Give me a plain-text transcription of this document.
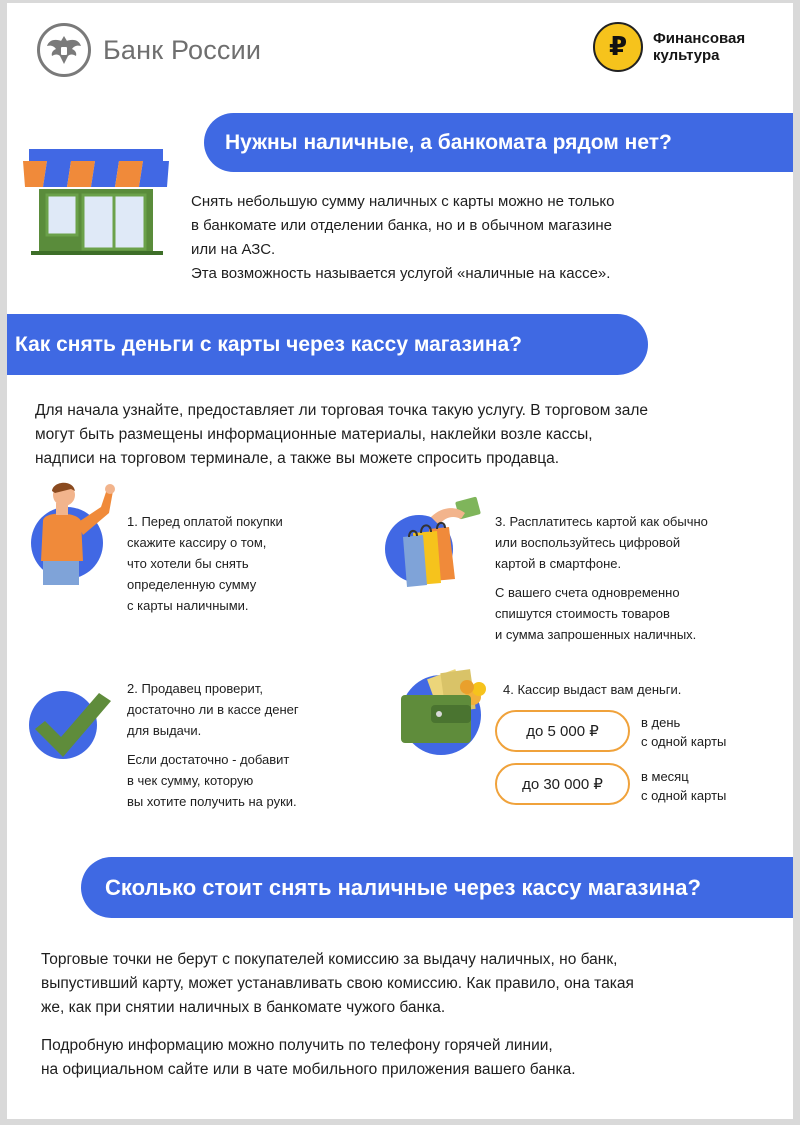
Банк России	₽	Финансовая
культура
Нужны наличные, а банкомата рядом нет?
Снять небольшую сумму наличных с карты можно не только
в банкомате или отделении банка, но и в обычном магазине
или на АЗС.
Эта возможность называется услугой «наличные на кассе».
Как снять деньги с карты через кассу магазина?
Для начала узнайте, предоставляет ли торговая точка такую услугу. В торговом зале
могут быть размещены информационные материалы, наклейки возле кассы,
надписи на торговом терминале, а также вы можете спросить продавца.
1. Перед оплатой покупки
скажите кассиру о том,
что хотели бы снять
определенную сумму
с карты наличными.
2. Продавец проверит,
достаточно ли в кассе денег
для выдачи.
Если достаточно - добавит
в чек сумму, которую
вы хотите получить на руки.
3. Расплатитесь картой как обычно
или воспользуйтесь цифровой
картой в смартфоне.
С вашего счета одновременно
спишутся стоимость товаров
и сумма запрошенных наличных.
4. Кассир выдаст вам деньги.
до 5 000 ₽
в день
с одной карты
до 30 000 ₽	в месяц
с одной карты
Сколько стоит снять наличные через кассу магазина?
Торговые точки не берут с покупателей комиссию за выдачу наличных, но банк,
выпустивший карту, может устанавливать свою комиссию. Как правило, она такая
же, как при снятии наличных в банкомате чужого банка.
Подробную информацию можно получить по телефону горячей линии,
на официальном сайте или в чате мобильного приложения вашего банка.
